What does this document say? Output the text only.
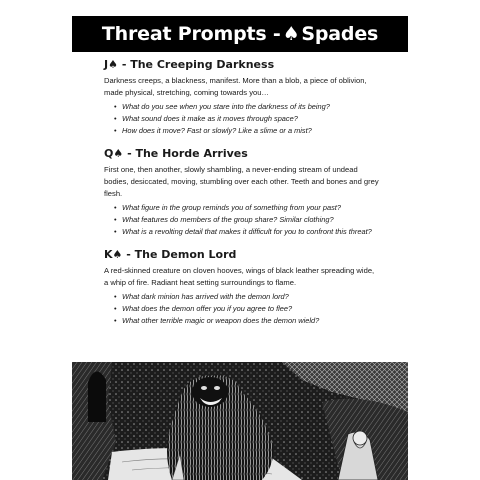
Threat Prompts - ♠ Spades
J♠ - The Creeping Darkness

Darkness creeps, a blackness, manifest. More than a blob, a piece of oblivion, made physical, stretching, coming towards you…

• What do you see when you stare into the darkness of its being?
• What sound does it make as it moves through space?
• How does it move? Fast or slowly? Like a slime or a mist?
Q♠ - The Horde Arrives

First one, then another, slowly shambling, a never-ending stream of undead bodies, desiccated, moving, stumbling over each other. Teeth and bones and grey flesh.

• What figure in the group reminds you of something from your past?
• What features do members of the group share? Similar clothing?
• What is a revolting detail that makes it difficult for you to confront this threat?
K♠ - The Demon Lord

A red-skinned creature on cloven hooves, wings of black leather spreading wide, a whip of fire. Radiant heat setting surroundings to flame.

• What dark minion has arrived with the demon lord?
• What does the demon offer you if you agree to flee?
• What other terrible magic or weapon does the demon wield?
